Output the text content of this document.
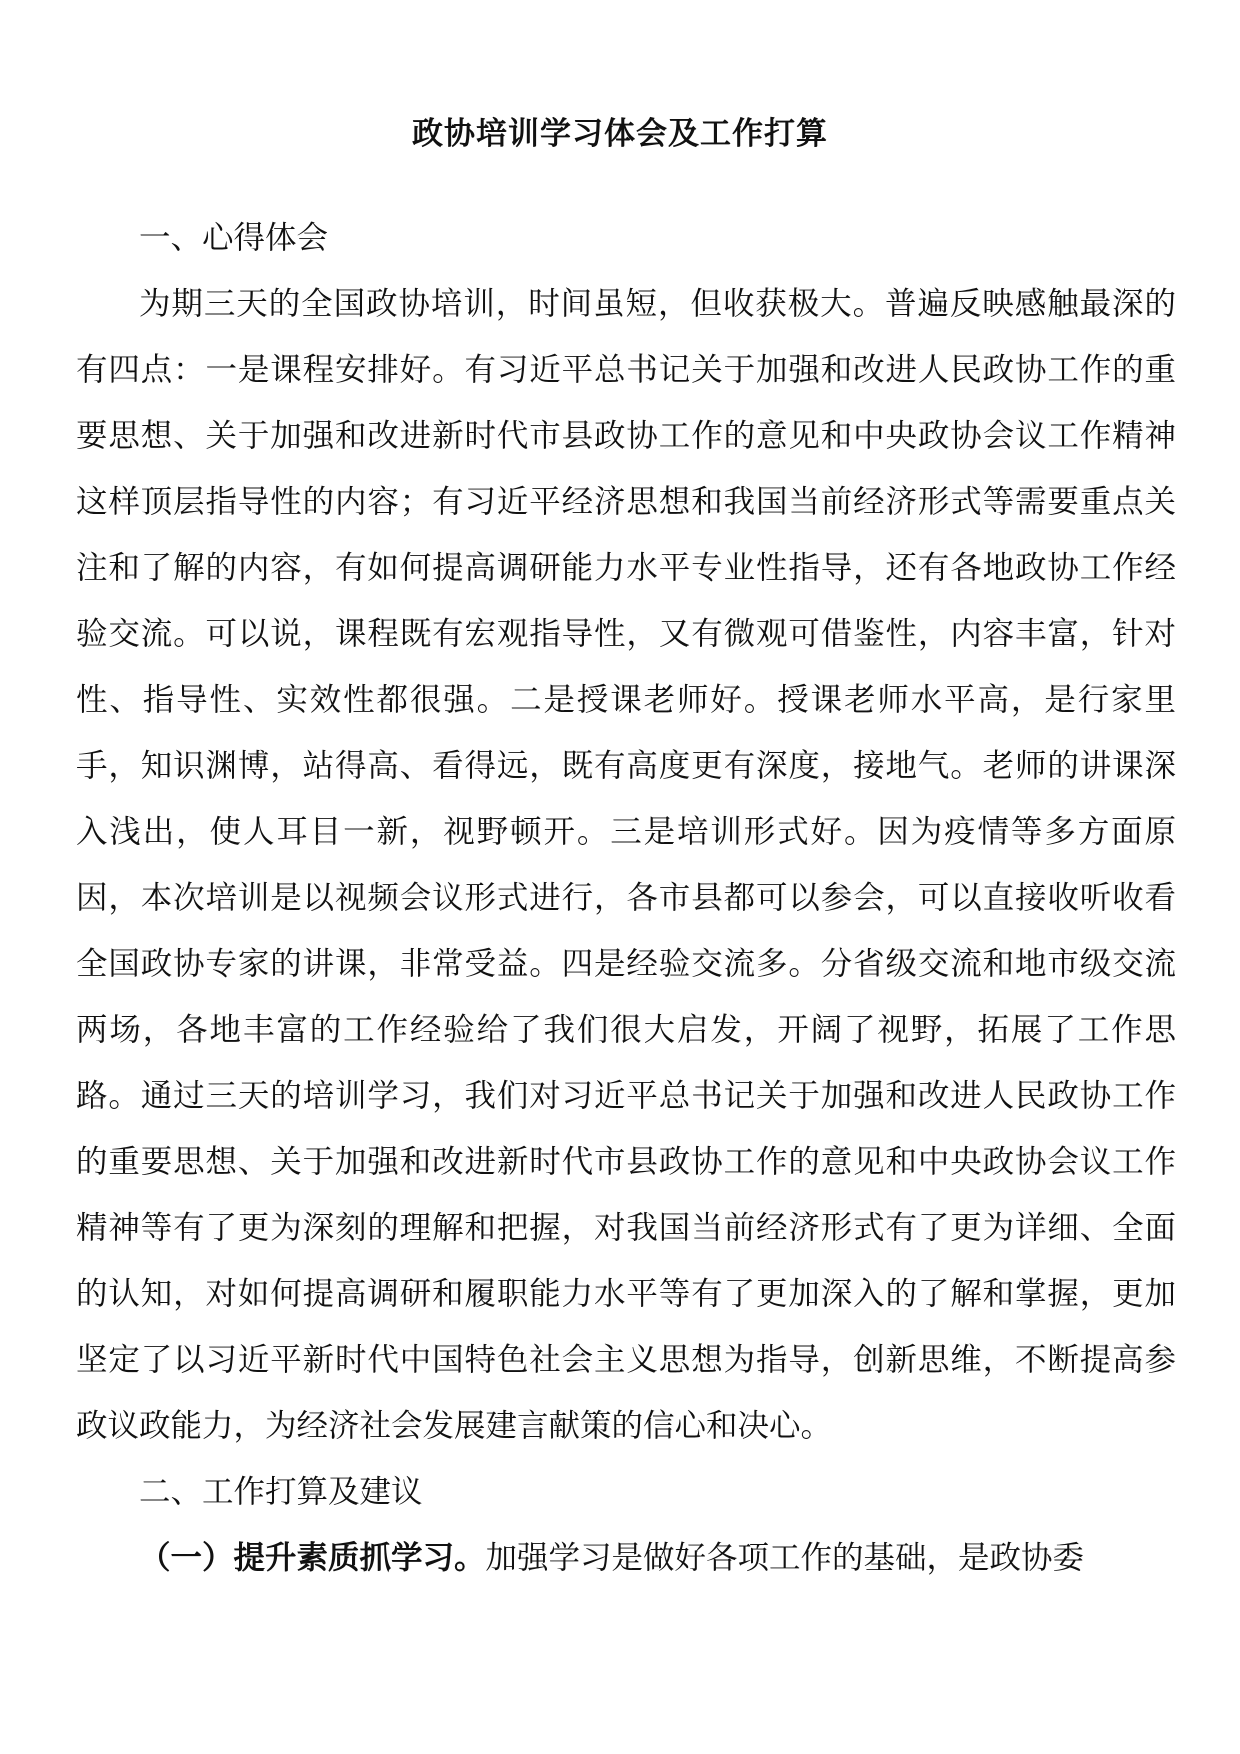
政协培训学习体会及工作打算

一、心得体会

为期三天的全国政协培训，时间虽短，但收获极大。普遍反映感触最深的有四点：一是课程安排好。有习近平总书记关于加强和改进人民政协工作的重要思想、关于加强和改进新时代市县政协工作的意见和中央政协会议工作精神这样顶层指导性的内容；有习近平经济思想和我国当前经济形式等需要重点关注和了解的内容，有如何提高调研能力水平专业性指导，还有各地政协工作经验交流。可以说，课程既有宏观指导性，又有微观可借鉴性，内容丰富，针对性、指导性、实效性都很强。二是授课老师好。授课老师水平高，是行家里手，知识渊博，站得高、看得远，既有高度更有深度，接地气。老师的讲课深入浅出，使人耳目一新，视野顿开。三是培训形式好。因为疫情等多方面原因，本次培训是以视频会议形式进行，各市县都可以参会，可以直接收听收看全国政协专家的讲课，非常受益。四是经验交流多。分省级交流和地市级交流两场，各地丰富的工作经验给了我们很大启发，开阔了视野，拓展了工作思路。通过三天的培训学习，我们对习近平总书记关于加强和改进人民政协工作的重要思想、关于加强和改进新时代市县政协工作的意见和中央政协会议工作精神等有了更为深刻的理解和把握，对我国当前经济形式有了更为详细、全面的认知，对如何提高调研和履职能力水平等有了更加深入的了解和掌握，更加坚定了以习近平新时代中国特色社会主义思想为指导，创新思维，不断提高参政议政能力，为经济社会发展建言献策的信心和决心。

二、工作打算及建议

（一）提升素质抓学习。加强学习是做好各项工作的基础，是政协委
